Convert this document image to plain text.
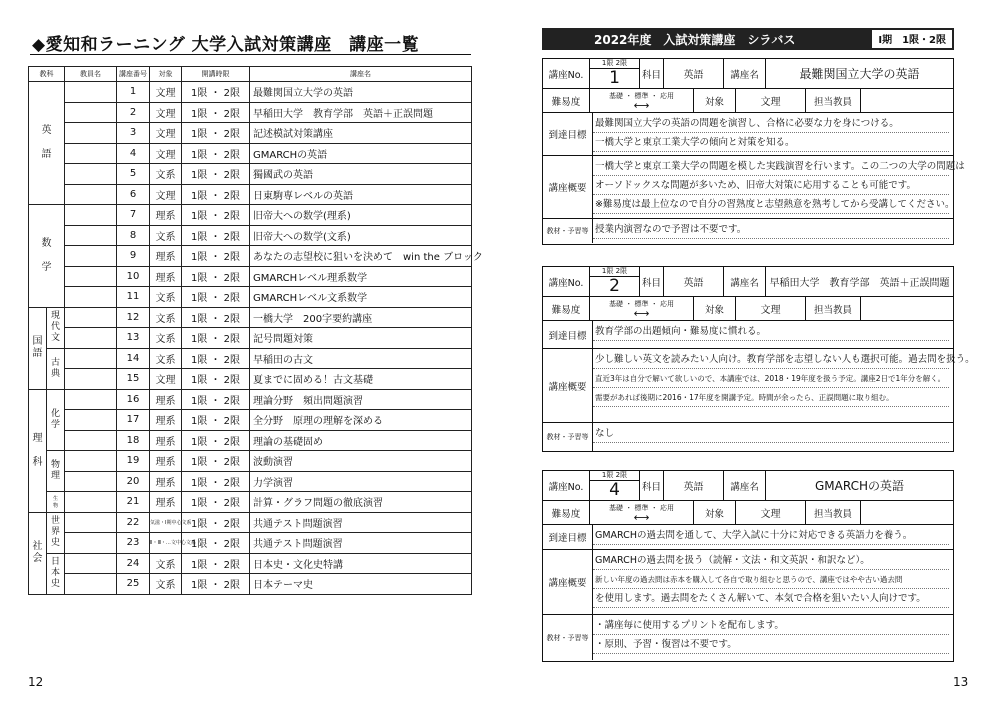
◆愛知和ラーニング 大学入試対策講座　講座一覧
教科		教員名	講座番号	対象	開講時限	講座名
英

語			1	文理	1限 ・ 2限	最難関国立大学の英語
			2	文理	1限 ・ 2限	早稲田大学　教育学部　英語＋正誤問題
			3	文理	1限 ・ 2限	記述模試対策講座
			4	文理	1限 ・ 2限	GMARCHの英語
			5	文系	1限 ・ 2限	獨國武の英語
			6	文理	1限 ・ 2限	日東駒専レベルの英語
数

学			7	理系	1限 ・ 2限	旧帝大への数学(理系)
			8	文系	1限 ・ 2限	旧帝大への数学(文系)
			9	理系	1限 ・ 2限	あなたの志望校に狙いを決めて　win the ブロック
			10	理系	1限 ・ 2限	GMARCHレベル理系数学
			11	文系	1限 ・ 2限	GMARCHレベル文系数学
国
語	現
代
文		12	文系	1限 ・ 2限	一橋大学　200字要約講座
			13	文系	1限 ・ 2限	記号問題対策
	古
典		14	文系	1限 ・ 2限	早稲田の古文
			15	文理	1限 ・ 2限	夏までに固める！古文基礎
理

科	化
学		16	理系	1限 ・ 2限	理論分野　頻出問題演習
			17	理系	1限 ・ 2限	全分野　原理の理解を深める
			18	理系	1限 ・ 2限	理論の基礎固め
	物
理		19	理系	1限 ・ 2限	波動演習
			20	理系	1限 ・ 2限	力学演習
	生
物		21	理系	1限 ・ 2限	計算・グラフ問題の徹底演習
社
会	世
界
史		22	気滋・Ⅰ期中心文系	1限 ・ 2限	共通テスト問題演習
			23	Ⅱ・Ⅲ・…文中心文系	1限 ・ 2限	共通テスト問題演習
	日
本
史		24	文系	1限 ・ 2限	日本史・文化史特講
			25	文系	1限 ・ 2限	日本テーマ史
12
2022年度　入試対策講座　シラバス	Ⅰ期　1限・2限
講座No.
1限 2限
1	科目	英語	講座名	最難関国立大学の英語
難易度
基礎 ・ 標準 ・ 応用
⟷	対象	文理	担当教員
到達目標
最難関国立大学の英語の問題を演習し、合格に必要な力を身につける。
一橋大学と東京工業大学の傾向と対策を知る。
講座概要
一橋大学と東京工業大学の問題を模した実践演習を行います。この二つの大学の問題は
オーソドックスな問題が多いため、旧帝大対策に応用することも可能です。
※難易度は最上位なので自分の習熟度と志望熱意を熟考してから受講してください。
教材・予習等 授業内演習なので予習は不要です。
講座No.
1限 2限
2	科目	英語	講座名	早稲田大学　教育学部　英語＋正誤問題
難易度
基礎 ・ 標準 ・ 応用
⟷	対象	文理	担当教員
到達目標 教育学部の出題傾向・難易度に慣れる。
講座概要
少し難しい英文を読みたい人向け。教育学部を志望しない人も選択可能。過去問を扱う。
直近3年は自分で解いて欲しいので、本講座では、2018・19年度を扱う予定。講座2日で1年分を解く。
需要があれば後期に2016・17年度を開講予定。時間が余ったら、正誤問題に取り組む。
教材・予習等 なし
講座No.
1限 2限
4	科目	英語	講座名	GMARCHの英語
難易度
基礎 ・ 標準 ・ 応用
⟷	対象	文理	担当教員
到達目標 GMARCHの過去問を通して、大学入試に十分に対応できる英語力を養う。
講座概要
GMARCHの過去問を扱う（読解・文法・和文英訳・和訳など）。
新しい年度の過去問は赤本を購入して各自で取り組むと思うので、講座ではやや古い過去問
を使用します。過去問をたくさん解いて、本気で合格を狙いたい人向けです。
教材・予習等
・講座毎に使用するプリントを配布します。
・原則、予習・復習は不要です。
13
